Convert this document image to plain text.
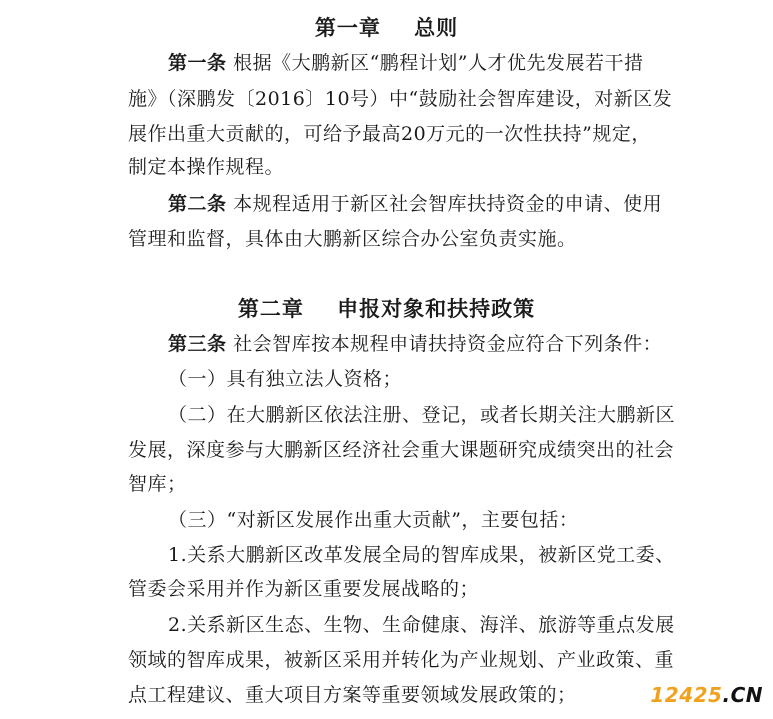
第一章    总则
第一条 根据《大鹏新区“鹏程计划”人才优先发展若干措
施》（深鹏发〔2016〕10号）中“鼓励社会智库建设，对新区发
展作出重大贡献的，可给予最高20万元的一次性扶持”规定，
制定本操作规程。
第二条 本规程适用于新区社会智库扶持资金的申请、使用
管理和监督，具体由大鹏新区综合办公室负责实施。
第二章    申报对象和扶持政策
第三条 社会智库按本规程申请扶持资金应符合下列条件：
（一）具有独立法人资格；
（二）在大鹏新区依法注册、登记，或者长期关注大鹏新区
发展，深度参与大鹏新区经济社会重大课题研究成绩突出的社会
智库；
（三）“对新区发展作出重大贡献”，主要包括：
1.关系大鹏新区改革发展全局的智库成果，被新区党工委、
管委会采用并作为新区重要发展战略的；
2.关系新区生态、生物、生命健康、海洋、旅游等重点发展
领域的智库成果，被新区采用并转化为产业规划、产业政策、重
点工程建议、重大项目方案等重要领域发展政策的；	12425.CN
